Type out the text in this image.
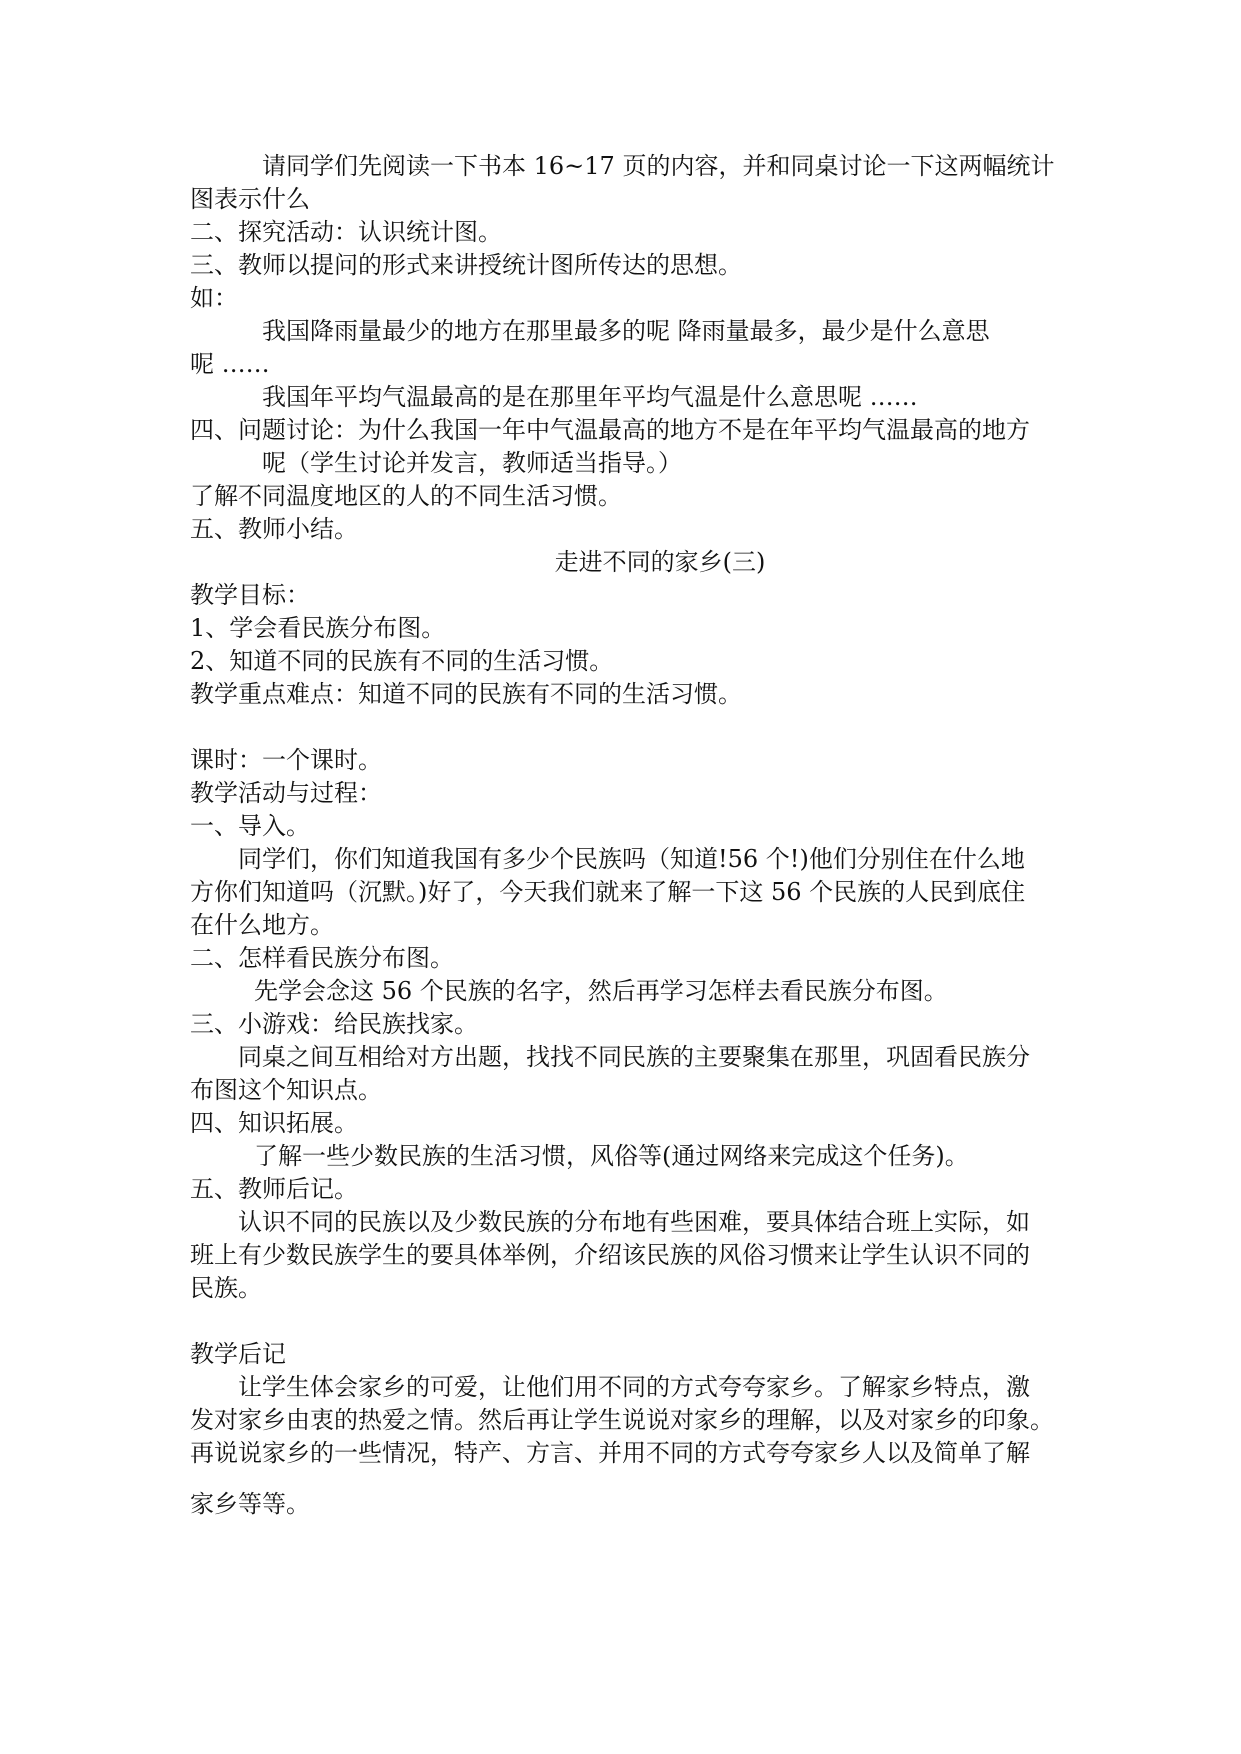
请同学们先阅读一下书本 16~17 页的内容，并和同桌讨论一下这两幅统计

图表示什么

二、探究活动：认识统计图。

三、教师以提问的形式来讲授统计图所传达的思想。

如：

我国降雨量最少的地方在那里最多的呢 降雨量最多，最少是什么意思

呢 ……

我国年平均气温最高的是在那里年平均气温是什么意思呢 ……

四、问题讨论：为什么我国一年中气温最高的地方不是在年平均气温最高的地方

呢（学生讨论并发言，教师适当指导。）

了解不同温度地区的人的不同生活习惯。

五、教师小结。

走进不同的家乡(三)

教学目标：

1、学会看民族分布图。

2、知道不同的民族有不同的生活习惯。

教学重点难点：知道不同的民族有不同的生活习惯。

课时：一个课时。

教学活动与过程：

一、导入。

同学们，你们知道我国有多少个民族吗（知道!56 个!)他们分别住在什么地

方你们知道吗（沉默。)好了，今天我们就来了解一下这 56 个民族的人民到底住

在什么地方。

二、怎样看民族分布图。

先学会念这 56 个民族的名字，然后再学习怎样去看民族分布图。

三、小游戏：给民族找家。

同桌之间互相给对方出题，找找不同民族的主要聚集在那里，巩固看民族分

布图这个知识点。

四、知识拓展。

了解一些少数民族的生活习惯，风俗等(通过网络来完成这个任务)。

五、教师后记。

认识不同的民族以及少数民族的分布地有些困难，要具体结合班上实际，如

班上有少数民族学生的要具体举例，介绍该民族的风俗习惯来让学生认识不同的

民族。

教学后记

让学生体会家乡的可爱，让他们用不同的方式夸夸家乡。了解家乡特点，激

发对家乡由衷的热爱之情。然后再让学生说说对家乡的理解，以及对家乡的印象。

再说说家乡的一些情况，特产、方言、并用不同的方式夸夸家乡人以及简单了解

家乡等等。
